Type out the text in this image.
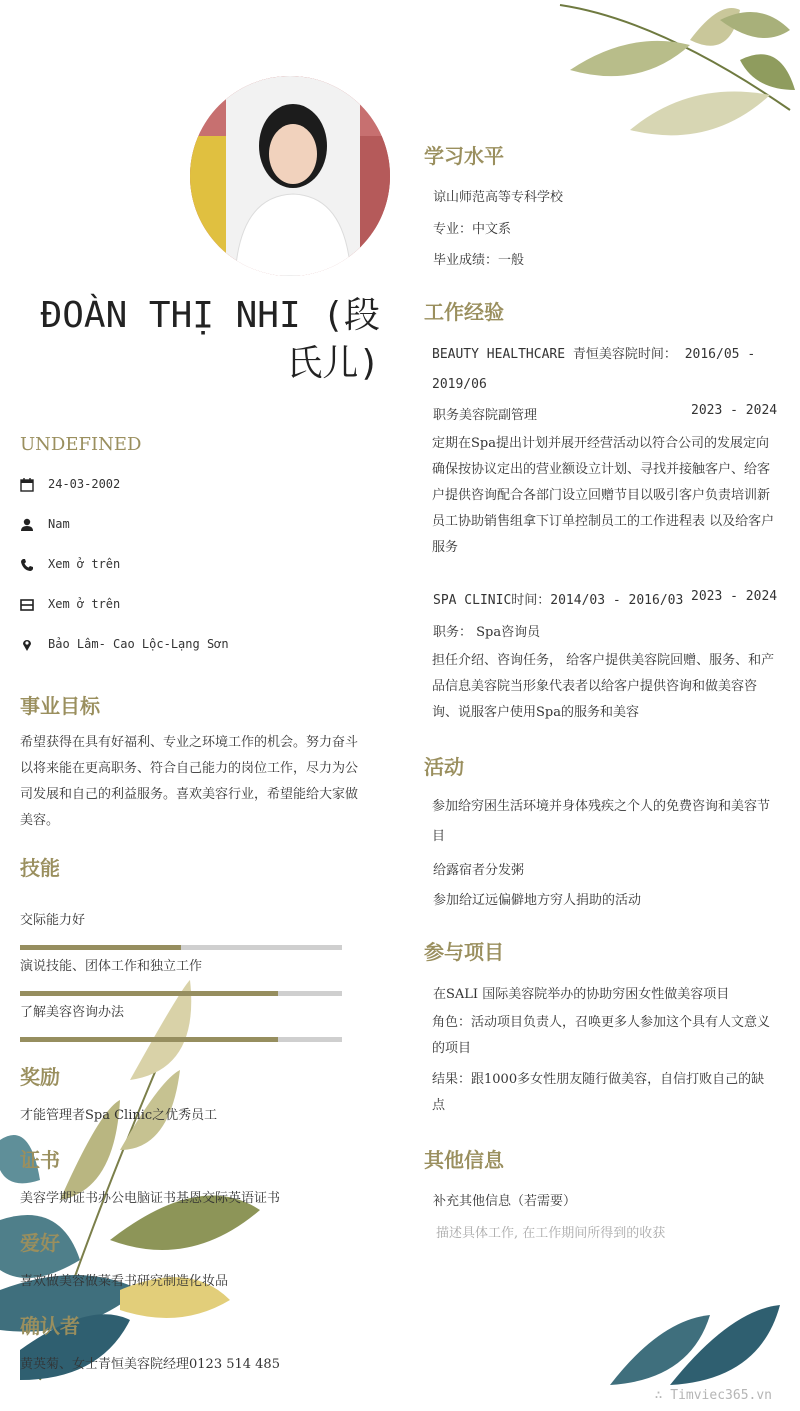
ĐOÀN THỊ NHI (段氏儿)
UNDEFINED
24-03-2002
Nam
Xem ở trên
Xem ở trên
Bảo Lâm- Cao Lộc-Lạng Sơn
事业目标
希望获得在具有好福利、专业之环境工作的机会。努力奋斗以将来能在更高职务、符合自己能力的岗位工作，尽力为公司发展和自己的利益服务。喜欢美容行业，希望能给大家做美容。
技能
交际能力好
演说技能、团体工作和独立工作
了解美容咨询办法
奖励
才能管理者Spa Clinic之优秀员工
证书
美容学期证书办公电脑证书基恩交际英语证书
爱好
喜欢做美容做菜看书研究制造化妆品
确认者
黄英菊、女士青恒美容院经理0123 514 485
学习水平
谅山师范高等专科学校
专业：中文系
毕业成绩：一般
工作经验
BEAUTY HEALTHCARE 青恒美容院时间： 2016/05 - 2019/06
职务美容院副管理	2023 - 2024
定期在Spa提出计划并展开经营活动以符合公司的发展定向确保按协议定出的营业额设立计划、寻找并接触客户、给客户提供咨询配合各部门设立回赠节目以吸引客户负责培训新员工协助销售组拿下订单控制员工的工作进程表 以及给客户服务
SPA CLINIC时间：2014/03 - 2016/03 2023 - 2024
职务： Spa咨询员
担任介绍、咨询任务， 给客户提供美容院回赠、服务、和产品信息美容院当形象代表者以给客户提供咨询和做美容咨询、说服客户使用Spa的服务和美容
活动
参加给穷困生活环境并身体残疾之个人的免费咨询和美容节目
给露宿者分发粥
参加给辽远偏僻地方穷人捐助的活动
参与项目
在SALI 国际美容院举办的协助穷困女性做美容项目
角色：活动项目负责人，召唤更多人参加这个具有人文意义的项目
结果：跟1000多女性朋友随行做美容，自信打败自己的缺点
其他信息
补充其他信息（若需要）
描述具体工作, 在工作期间所得到的收获
∴ Timviec365.vn
